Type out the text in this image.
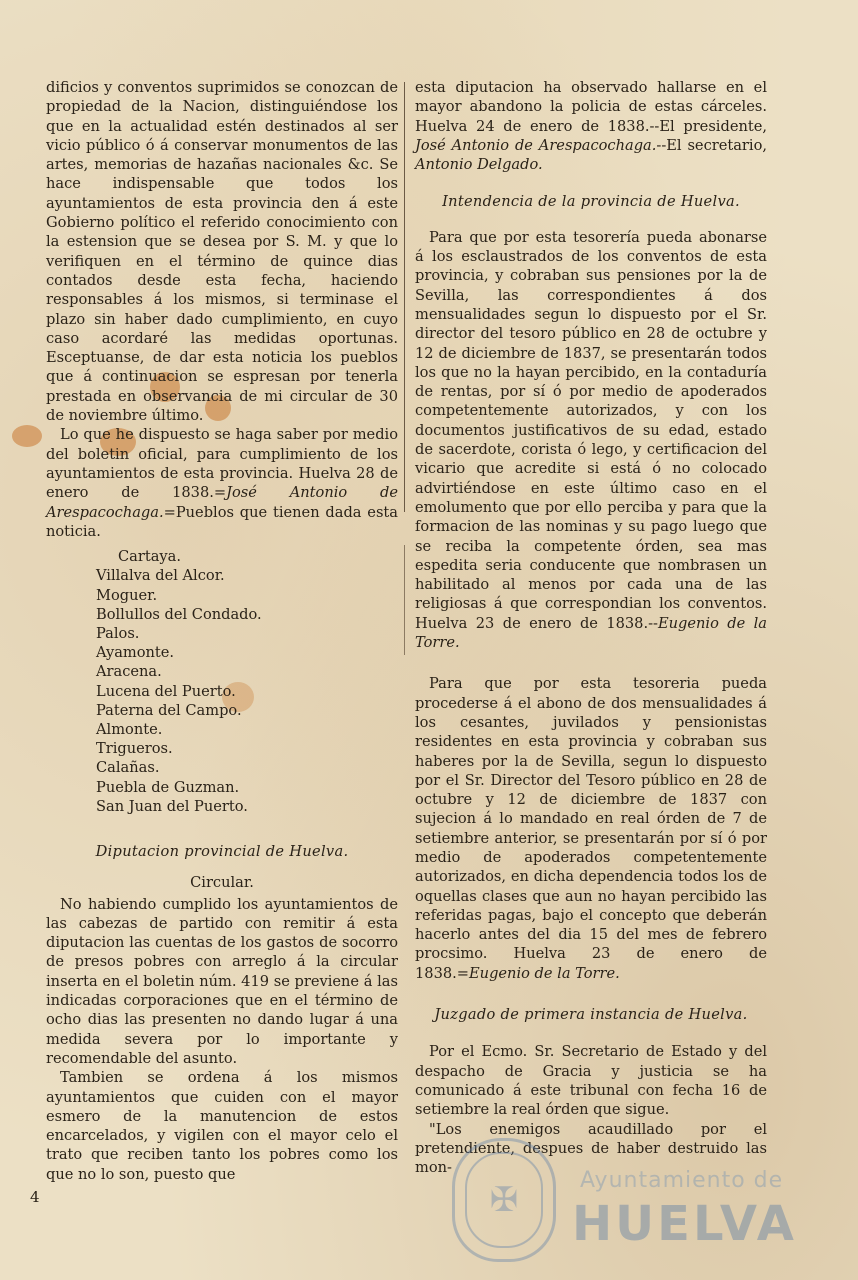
dificios y conventos suprimidos se conozcan de propiedad de la Nacion, distinguiéndose los que en la actualidad estén destinados al ser vicio público ó á conservar monumentos de las artes, memorias de hazañas nacionales &c. Se hace indispensable que todos los ayuntamientos de esta provincia den á este Gobierno político el referido conocimiento con la estension que se desea por S. M. y que lo verifiquen en el término de quince dias contados desde esta fecha, haciendo responsables á los mismos, si terminase el plazo sin haber dado cumplimiento, en cuyo caso acordaré las medidas oportunas. Esceptuanse, de dar esta noticia los pueblos que á continuacion se espresan por tenerla prestada en observancia de mi circular de 30 de noviembre último.

Lo que he dispuesto se haga saber por medio del boletin oficial, para cumplimiento de los ayuntamientos de esta provincia. Huelva 28 de enero de 1838.=José Antonio de Arespacochaga.=Pueblos que tienen dada esta noticia.

Cartaya.
Villalva del Alcor.
Moguer.
Bollullos del Condado.
Palos.
Ayamonte.
Aracena.
Lucena del Puerto.
Paterna del Campo.
Almonte.
Trigueros.
Calañas.
Puebla de Guzman.
San Juan del Puerto.
Diputacion provincial de Huelva.
Circular.

No habiendo cumplido los ayuntamientos de las cabezas de partido con remitir á esta diputacion las cuentas de los gastos de socorro de presos pobres con arreglo á la circular inserta en el boletin núm. 419 se previene á las indicadas corporaciones que en el término de ocho dias las presenten no dando lugar á una medida severa por lo importante y recomendable del asunto.

Tambien se ordena á los mismos ayuntamientos que cuiden con el mayor esmero de la manutencion de estos encarcelados, y vigilen con el mayor celo el trato que reciben tanto los pobres como los que no lo son, puesto que

esta diputacion ha observado hallarse en el mayor abandono la policia de estas cárceles. Huelva 24 de enero de 1838.--El presidente, José Antonio de Arespacochaga.--El secretario, Antonio Delgado.

Intendencia de la provincia de Huelva.

Para que por esta tesorería pueda abonarse á los esclaustrados de los conventos de esta provincia, y cobraban sus pensiones por la de Sevilla, las correspondientes á dos mensualidades segun lo dispuesto por el Sr. director del tesoro público en 28 de octubre y 12 de diciembre de 1837, se presentarán todos los que no la hayan percibido, en la contaduría de rentas, por sí ó por medio de apoderados competentemente autorizados, y con los documentos justificativos de su edad, estado de sacerdote, corista ó lego, y certificacion del vicario que acredite si está ó no colocado advirtiéndose en este último caso en el emolumento que por ello perciba y para que la formacion de las nominas y su pago luego que se reciba la competente órden, sea mas espedita seria conducente que nombrasen un habilitado al menos por cada una de las religiosas á que correspondian los conventos. Huelva 23 de enero de 1838.--Eugenio de la Torre.

Para que por esta tesoreria pueda procederse á el abono de dos mensualidades á los cesantes, juvilados y pensionistas residentes en esta provincia y cobraban sus haberes por la de Sevilla, segun lo dispuesto por el Sr. Director del Tesoro público en 28 de octubre y 12 de diciembre de 1837 con sujecion á lo mandado en real órden de 7 de setiembre anterior, se presentarán por sí ó por medio de apoderados competentemente autorizados, en dicha dependencia todos los de oquellas clases que aun no hayan percibido las referidas pagas, bajo el concepto que deberán hacerlo antes del dia 15 del mes de febrero procsimo. Huelva 23 de enero de 1838.=Eugenio de la Torre.

Juzgado de primera instancia de Huelva.

Por el Ecmo. Sr. Secretario de Estado y del despacho de Gracia y justicia se ha comunicado á este tribunal con fecha 16 de setiembre la real órden que sigue.

"Los enemigos acaudillado por el pretendiente, despues de haber destruido las mon-

4	✠	Ayuntamiento de
HUELVA
